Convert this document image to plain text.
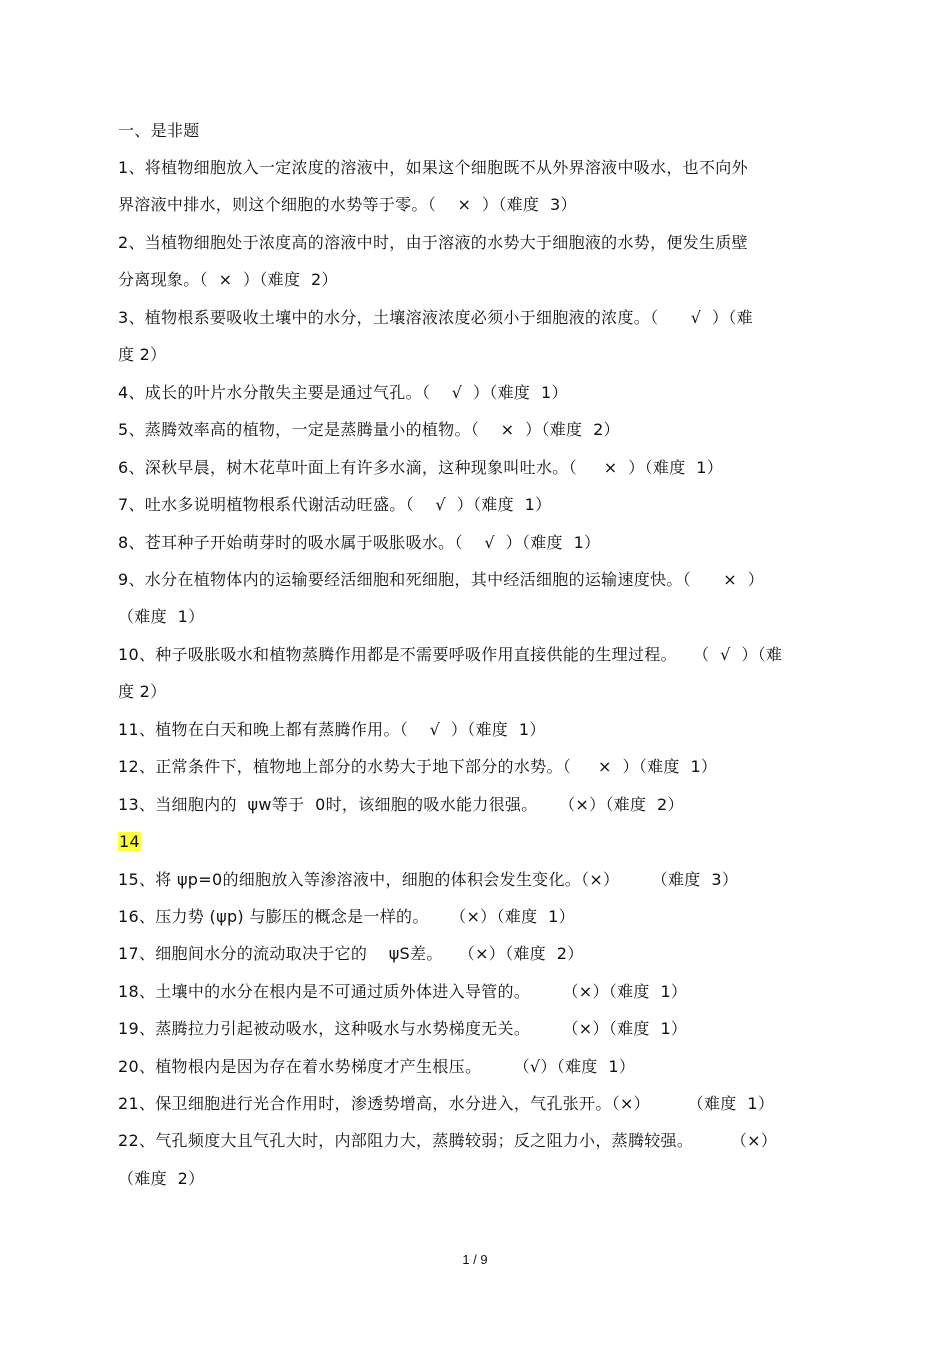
一、是非题
1、将植物细胞放入一定浓度的溶液中，如果这个细胞既不从外界溶液中吸水，也不向外
界溶液中排水，则这个细胞的水势等于零。（    ×  ）（难度  3）
2、当植物细胞处于浓度高的溶液中时，由于溶液的水势大于细胞液的水势，便发生质壁
分离现象。（  ×  ）（难度  2）
3、植物根系要吸收土壤中的水分，土壤溶液浓度必须小于细胞液的浓度。（      √  ）（难
度 2）
4、成长的叶片水分散失主要是通过气孔。（    √  ）（难度  1）
5、蒸腾效率高的植物，一定是蒸腾量小的植物。（    ×  ）（难度  2）
6、深秋早晨，树木花草叶面上有许多水滴，这种现象叫吐水。（     ×  ）（难度  1）
7、吐水多说明植物根系代谢活动旺盛。（    √  ）（难度  1）
8、苍耳种子开始萌芽时的吸水属于吸胀吸水。（    √  ）（难度  1）
9、水分在植物体内的运输要经活细胞和死细胞，其中经活细胞的运输速度快。（      ×  ）
（难度  1）
10、种子吸胀吸水和植物蒸腾作用都是不需要呼吸作用直接供能的生理过程。   （  √  ）（难
度 2）
11、植物在白天和晚上都有蒸腾作用。（    √  ）（难度  1）
12、正常条件下，植物地上部分的水势大于地下部分的水势。（     ×  ）（难度  1）
13、当细胞内的  ψw等于  0时，该细胞的吸水能力很强。    （×）（难度  2）
14
15、将 ψp=0的细胞放入等渗溶液中，细胞的体积会发生变化。（×）      （难度  3）
16、压力势 (ψp) 与膨压的概念是一样的。    （×）（难度  1）
17、细胞间水分的流动取决于它的    ψS差。   （×）（难度  2）
18、土壤中的水分在根内是不可通过质外体进入导管的。      （×）（难度  1）
19、蒸腾拉力引起被动吸水，这种吸水与水势梯度无关。      （×）（难度  1）
20、植物根内是因为存在着水势梯度才产生根压。      （√）（难度  1）
21、保卫细胞进行光合作用时，渗透势增高，水分进入，气孔张开。（×）       （难度  1）
22、气孔频度大且气孔大时，内部阻力大，蒸腾较弱；反之阻力小，蒸腾较强。       （×）
（难度  2）
1 / 9
